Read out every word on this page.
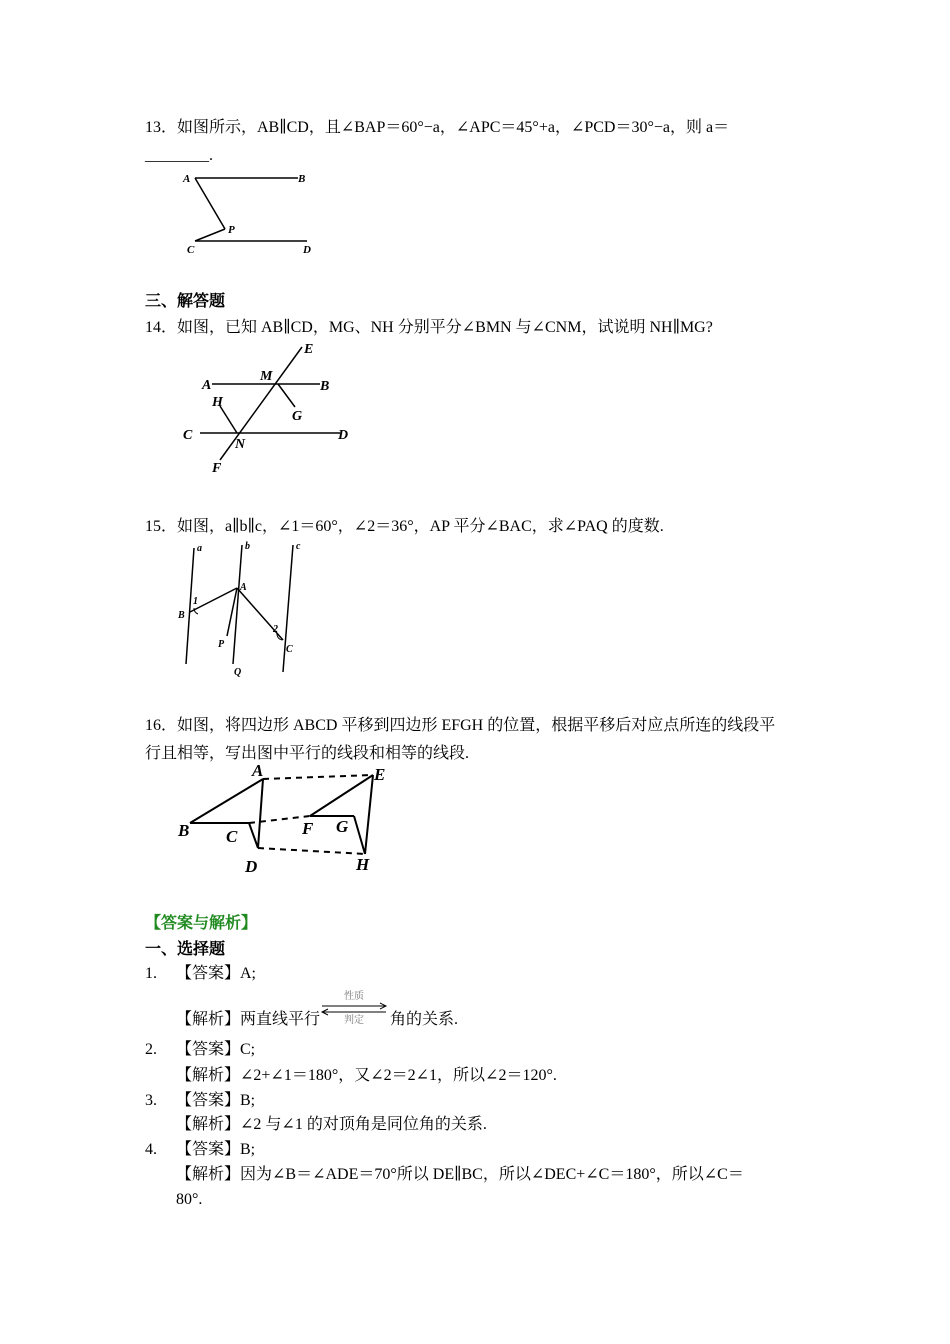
13．如图所示，AB∥CD，且∠BAP＝60°−a，∠APC＝45°+a，∠PCD＝30°−a，则 a＝
________.
A	B
P
C	D
三、解答题
14．如图，已知 AB∥CD，MG、NH 分别平分∠BMN 与∠CNM，试说明 NH∥MG?
E
A
M
B
H
G
C
N
D
F
15．如图，a∥b∥c，∠1＝60°，∠2＝36°，AP 平分∠BAC，求∠PAQ 的度数.
a	b	c
A
B
1
2
C
P
Q
16．如图，将四边形 ABCD 平移到四边形 EFGH 的位置，根据平移后对应点所连的线段平
行且相等，写出图中平行的线段和相等的线段.
A
B C
D
E
F G
H
【答案与解析】
一、选择题
1. 【答案】A;
【解析】两直线平行
性质
判定	角的关系.
2. 【答案】C;
【解析】∠2+∠1＝180°，又∠2＝2∠1，所以∠2＝120°.
3. 【答案】B;
【解析】∠2 与∠1 的对顶角是同位角的关系.
4. 【答案】B;
【解析】因为∠B＝∠ADE＝70°所以 DE∥BC，所以∠DEC+∠C＝180°，所以∠C＝
80°.
